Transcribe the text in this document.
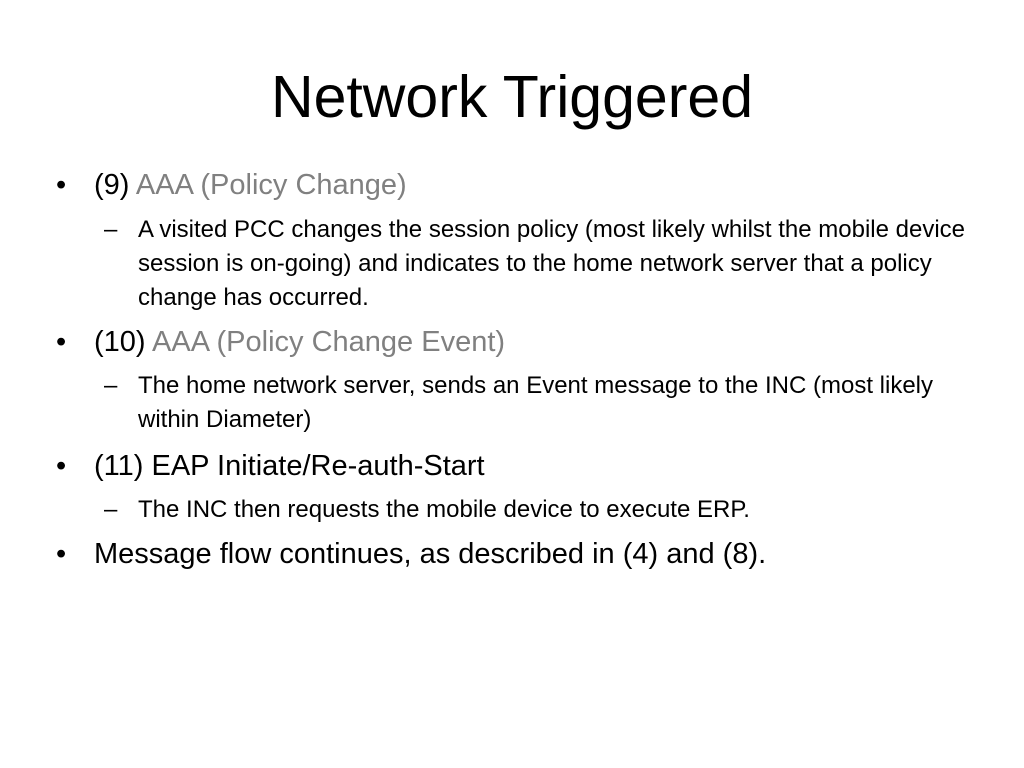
Network Triggered
• (9) AAA (Policy Change)
– A visited PCC changes the session policy (most likely whilst the mobile device session is on-going) and indicates to the home network server that a policy change has occurred.
• (10) AAA (Policy Change Event)
– The home network server, sends an Event message to the INC (most likely within Diameter)
• (11) EAP Initiate/Re-auth-Start
– The INC then requests the mobile device to execute ERP.
• Message flow continues, as described in (4) and (8).
